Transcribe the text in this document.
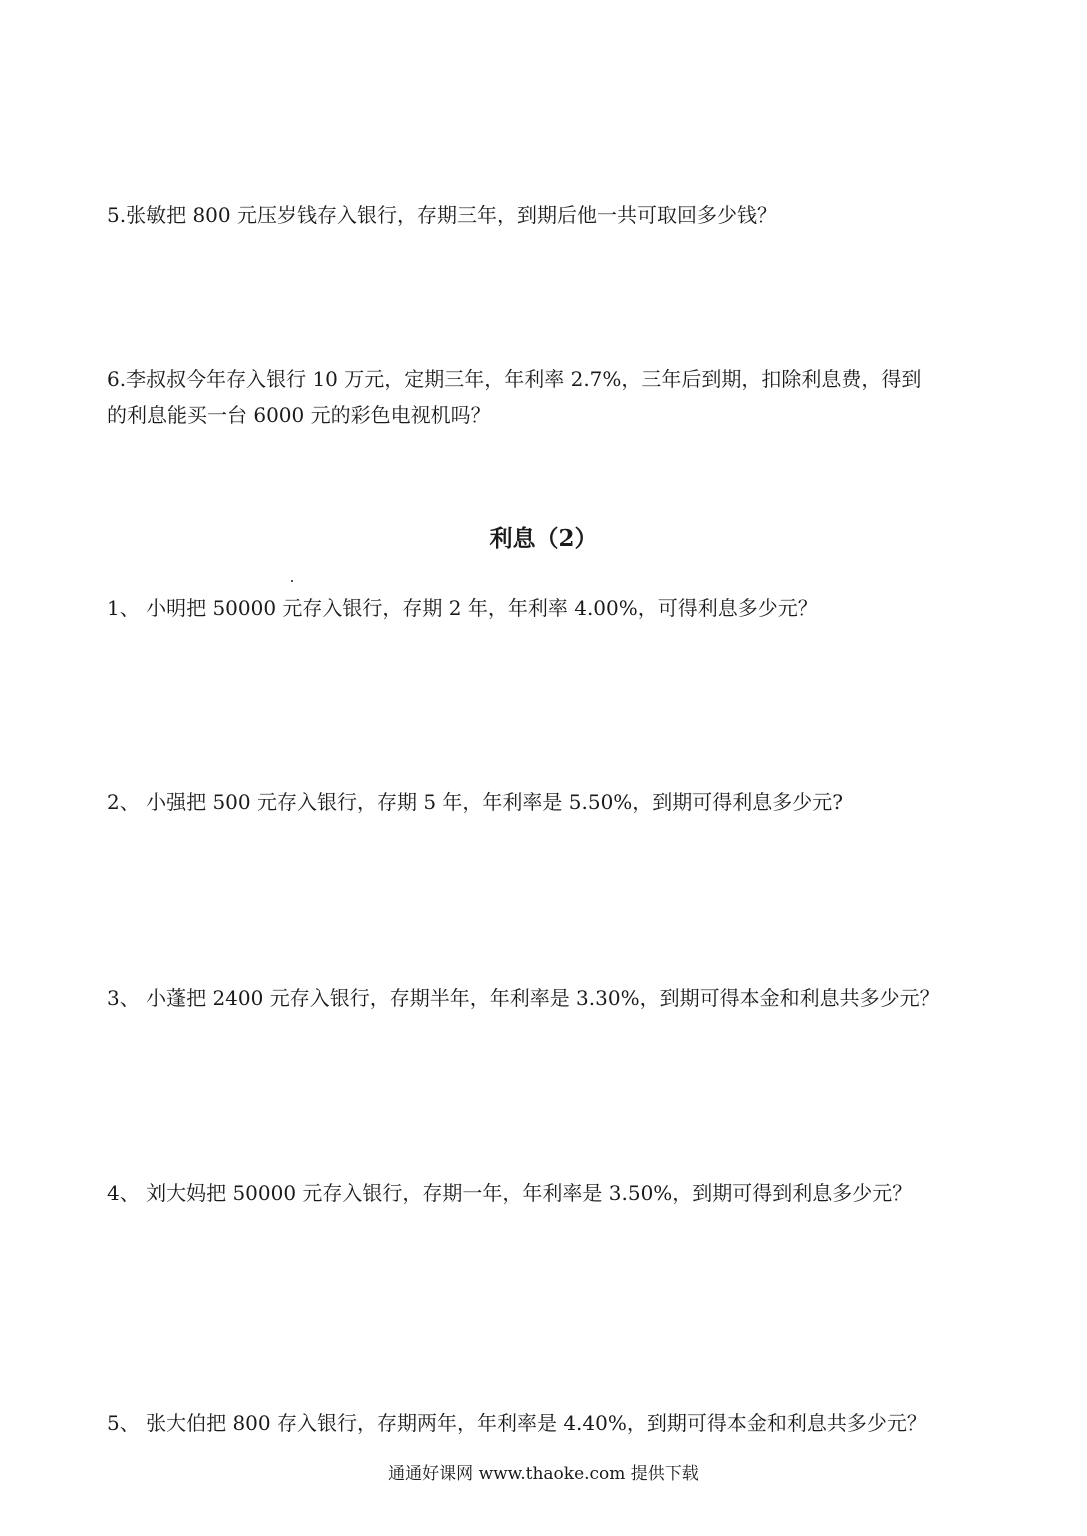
5.张敏把 800 元压岁钱存入银行，存期三年，到期后他一共可取回多少钱？

6.李叔叔今年存入银行 10 万元，定期三年，年利率 2.7%，三年后到期，扣除利息费，得到

的利息能买一台 6000 元的彩色电视机吗？

利息（2）

1、 小明把 50000 元存入银行，存期 2 年，年利率 4.00%，可得利息多少元？

2、 小强把 500 元存入银行，存期 5 年，年利率是 5.50%，到期可得利息多少元?

3、 小蓬把 2400 元存入银行，存期半年，年利率是 3.30%，到期可得本金和利息共多少元？

4、 刘大妈把 50000 元存入银行，存期一年，年利率是 3.50%，到期可得到利息多少元？

5、 张大伯把 800 存入银行，存期两年，年利率是 4.40%，到期可得本金和利息共多少元？

通通好课网 www.thaoke.com 提供下载
